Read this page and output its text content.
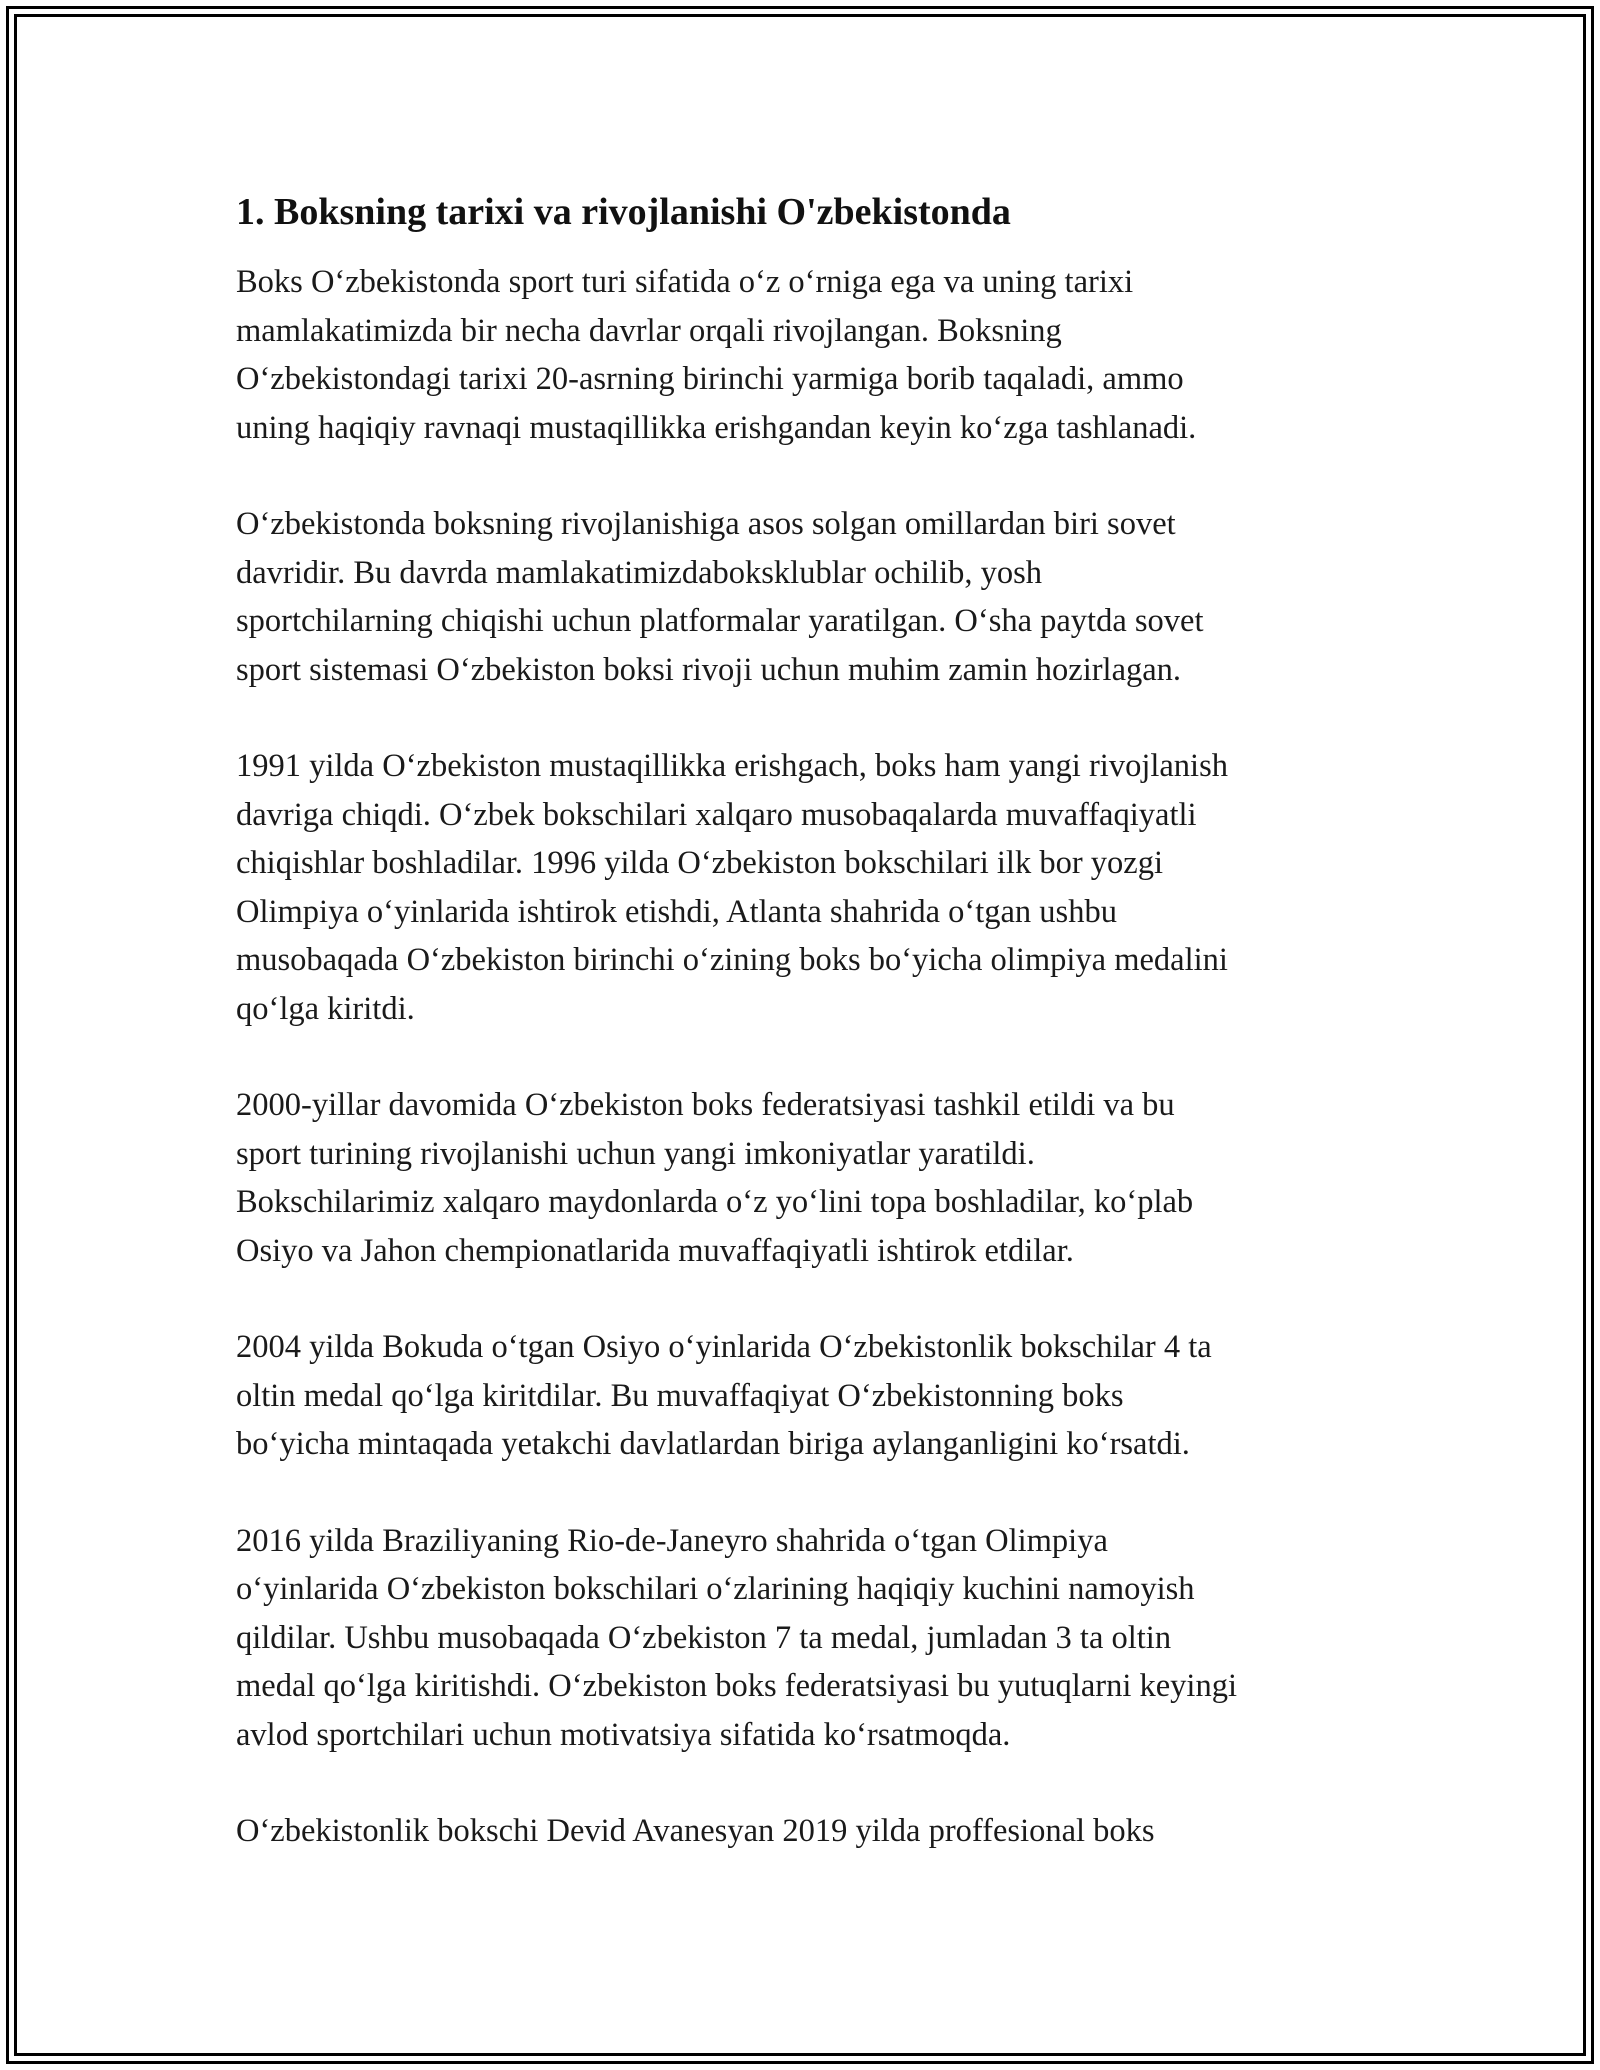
1. Boksning tarixi va rivojlanishi O'zbekistonda

Boks O‘zbekistonda sport turi sifatida o‘z o‘rniga ega va uning tarixi
mamlakatimizda bir necha davrlar orqali rivojlangan. Boksning
O‘zbekistondagi tarixi 20-asrning birinchi yarmiga borib taqaladi, ammo
uning haqiqiy ravnaqi mustaqillikka erishgandan keyin ko‘zga tashlanadi.

O‘zbekistonda boksning rivojlanishiga asos solgan omillardan biri sovet
davridir. Bu davrda mamlakatimizdaboksklublar ochilib, yosh
sportchilarning chiqishi uchun platformalar yaratilgan. O‘sha paytda sovet
sport sistemasi O‘zbekiston boksi rivoji uchun muhim zamin hozirlagan.

1991 yilda O‘zbekiston mustaqillikka erishgach, boks ham yangi rivojlanish
davriga chiqdi. O‘zbek bokschilari xalqaro musobaqalarda muvaffaqiyatli
chiqishlar boshladilar. 1996 yilda O‘zbekiston bokschilari ilk bor yozgi
Olimpiya o‘yinlarida ishtirok etishdi, Atlanta shahrida o‘tgan ushbu
musobaqada O‘zbekiston birinchi o‘zining boks bo‘yicha olimpiya medalini
qo‘lga kiritdi.

2000-yillar davomida O‘zbekiston boks federatsiyasi tashkil etildi va bu
sport turining rivojlanishi uchun yangi imkoniyatlar yaratildi.
Bokschilarimiz xalqaro maydonlarda o‘z yo‘lini topa boshladilar, ko‘plab
Osiyo va Jahon chempionatlarida muvaffaqiyatli ishtirok etdilar.

2004 yilda Bokuda o‘tgan Osiyo o‘yinlarida O‘zbekistonlik bokschilar 4 ta
oltin medal qo‘lga kiritdilar. Bu muvaffaqiyat O‘zbekistonning boks
bo‘yicha mintaqada yetakchi davlatlardan biriga aylanganligini ko‘rsatdi.

2016 yilda Braziliyaning Rio-de-Janeyro shahrida o‘tgan Olimpiya
o‘yinlarida O‘zbekiston bokschilari o‘zlarining haqiqiy kuchini namoyish
qildilar. Ushbu musobaqada O‘zbekiston 7 ta medal, jumladan 3 ta oltin
medal qo‘lga kiritishdi. O‘zbekiston boks federatsiyasi bu yutuqlarni keyingi
avlod sportchilari uchun motivatsiya sifatida ko‘rsatmoqda.

O‘zbekistonlik bokschi Devid Avanesyan 2019 yilda proffesional boks
